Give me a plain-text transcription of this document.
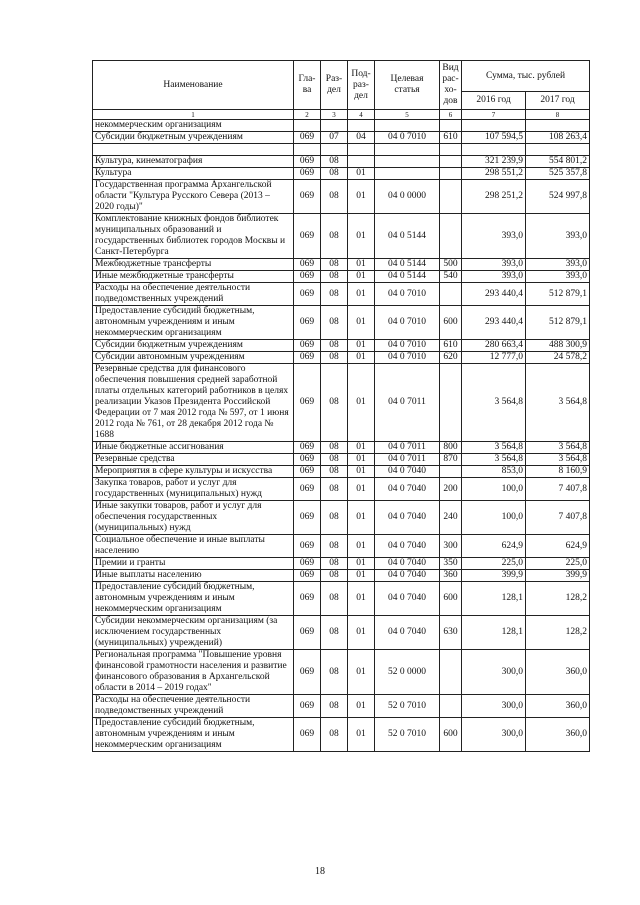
Наименование	Гла-ва	Раз-дел	Под-раз-дел	Целевая статья	Вид рас-хо-дов	Сумма, тыс. рублей	
						2016 год	2017 год
1	2	3	4	5	6	7	8
некоммерческим организациям							
Субсидии бюджетным учреждениям	069	07	04	04 0 7010	610	107 594,5	108 263,4

Культура, кинематография	069	08				321 239,9	554 801,2
Культура	069	08	01			298 551,2	525 357,8
Государственная программа Архангельской области "Культура Русского Севера (2013 – 2020 годы)"	069	08	01	04 0 0000		298 251,2	524 997,8
Комплектование книжных фондов библиотек муниципальных образований и государственных библиотек городов Москвы и Санкт-Петербурга	069	08	01	04 0 5144		393,0	393,0
Межбюджетные трансферты	069	08	01	04 0 5144	500	393,0	393,0
Иные межбюджетные трансферты	069	08	01	04 0 5144	540	393,0	393,0
Расходы на обеспечение деятельности подведомственных учреждений	069	08	01	04 0 7010		293 440,4	512 879,1
Предоставление субсидий бюджетным, автономным учреждениям и иным некоммерческим организациям	069	08	01	04 0 7010	600	293 440,4	512 879,1
Субсидии бюджетным учреждениям	069	08	01	04 0 7010	610	280 663,4	488 300,9
Субсидии автономным учреждениям	069	08	01	04 0 7010	620	12 777,0	24 578,2
Резервные средства для финансового обеспечения повышения средней заработной платы отдельных категорий работников в целях реализации Указов Президента Российской Федерации от 7 мая 2012 года № 597, от 1 июня 2012 года № 761, от 28 декабря 2012 года № 1688	069	08	01	04 0 7011		3 564,8	3 564,8
Иные бюджетные ассигнования	069	08	01	04 0 7011	800	3 564,8	3 564,8
Резервные средства	069	08	01	04 0 7011	870	3 564,8	3 564,8
Мероприятия в сфере культуры и искусства	069	08	01	04 0 7040		853,0	8 160,9
Закупка товаров, работ и услуг для государственных (муниципальных) нужд	069	08	01	04 0 7040	200	100,0	7 407,8
Иные закупки товаров, работ и услуг для обеспечения государственных (муниципальных) нужд	069	08	01	04 0 7040	240	100,0	7 407,8
Социальное обеспечение и иные выплаты населению	069	08	01	04 0 7040	300	624,9	624,9
Премии и гранты	069	08	01	04 0 7040	350	225,0	225,0
Иные выплаты населению	069	08	01	04 0 7040	360	399,9	399,9
Предоставление субсидий бюджетным, автономным учреждениям и иным некоммерческим организациям	069	08	01	04 0 7040	600	128,1	128,2
Субсидии некоммерческим организациям (за исключением государственных (муниципальных) учреждений)	069	08	01	04 0 7040	630	128,1	128,2
Региональная программа "Повышение уровня финансовой грамотности населения и развитие финансового образования в Архангельской области в 2014 – 2019 годах"	069	08	01	52 0 0000		300,0	360,0
Расходы на обеспечение деятельности подведомственных учреждений	069	08	01	52 0 7010		300,0	360,0
Предоставление субсидий бюджетным, автономным учреждениям и иным некоммерческим организациям	069	08	01	52 0 7010	600	300,0	360,0
18
